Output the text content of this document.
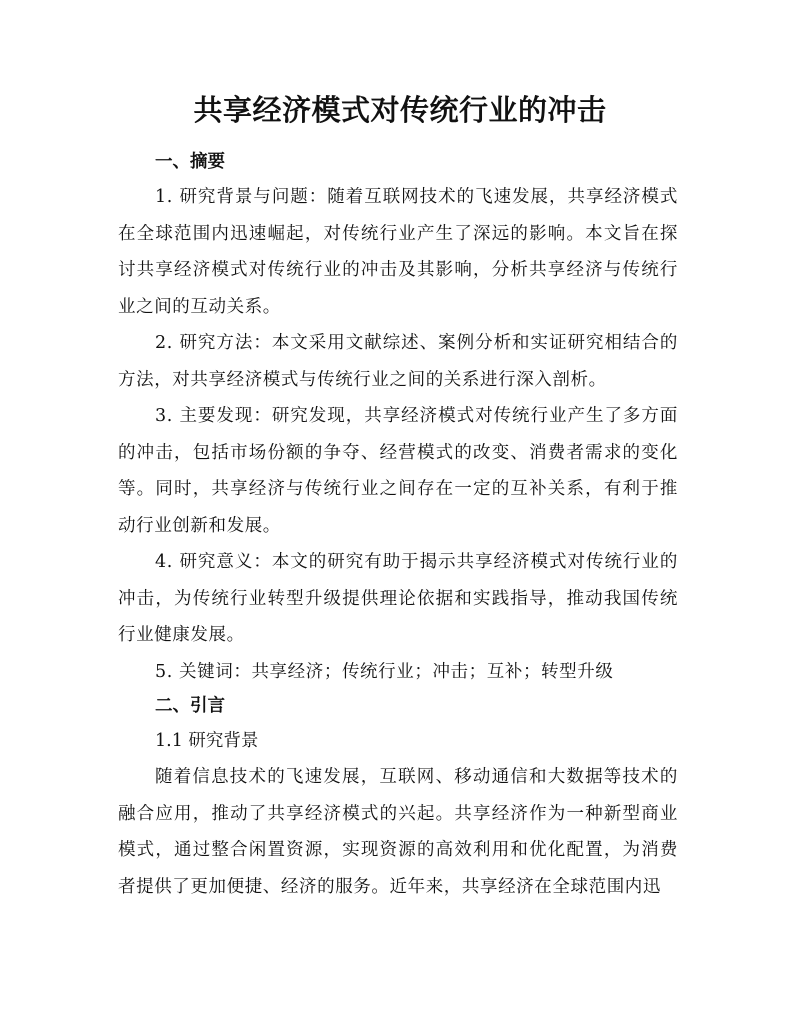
共享经济模式对传统行业的冲击
一、摘要

1. 研究背景与问题：随着互联网技术的飞速发展，共享经济模式在全球范围内迅速崛起，对传统行业产生了深远的影响。本文旨在探讨共享经济模式对传统行业的冲击及其影响，分析共享经济与传统行业之间的互动关系。

2. 研究方法：本文采用文献综述、案例分析和实证研究相结合的方法，对共享经济模式与传统行业之间的关系进行深入剖析。

3. 主要发现：研究发现，共享经济模式对传统行业产生了多方面的冲击，包括市场份额的争夺、经营模式的改变、消费者需求的变化等。同时，共享经济与传统行业之间存在一定的互补关系，有利于推动行业创新和发展。

4. 研究意义：本文的研究有助于揭示共享经济模式对传统行业的冲击，为传统行业转型升级提供理论依据和实践指导，推动我国传统行业健康发展。

5. 关键词：共享经济；传统行业；冲击；互补；转型升级

二、引言

1.1 研究背景

随着信息技术的飞速发展，互联网、移动通信和大数据等技术的融合应用，推动了共享经济模式的兴起。共享经济作为一种新型商业模式，通过整合闲置资源，实现资源的高效利用和优化配置，为消费者提供了更加便捷、经济的服务。近年来，共享经济在全球范围内迅
